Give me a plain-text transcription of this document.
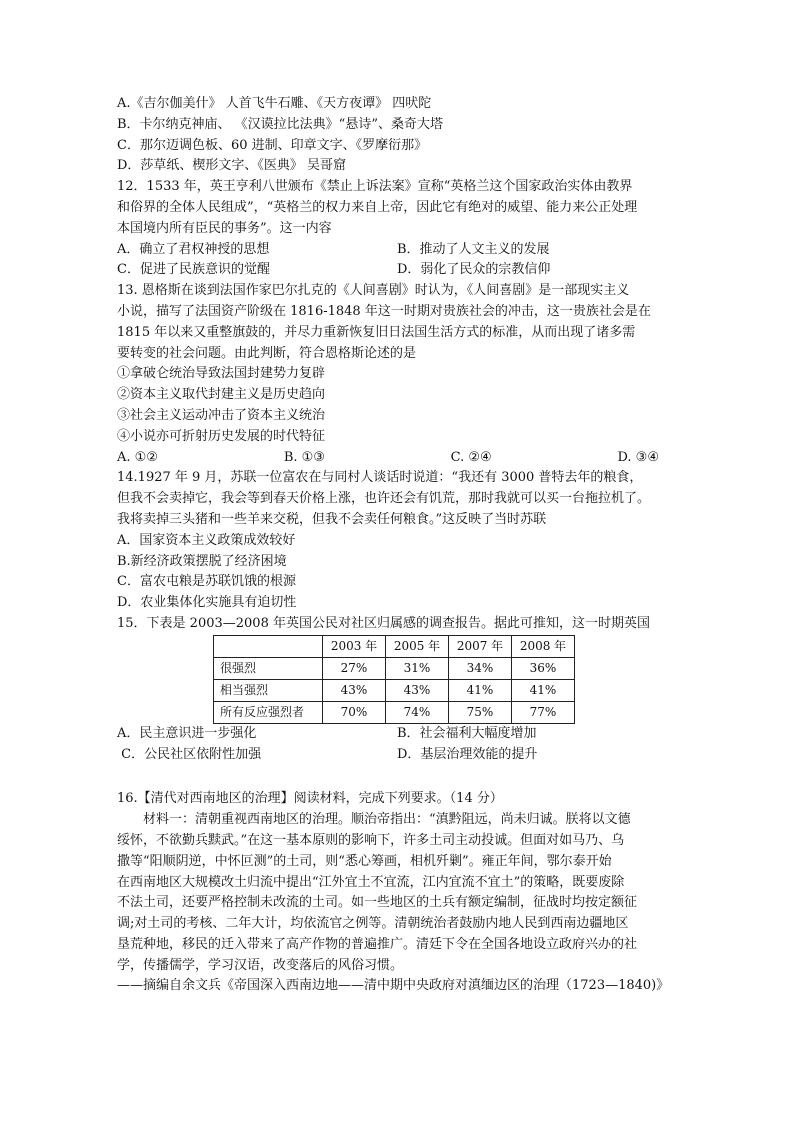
A.《吉尔伽美什》 人首飞牛石雕、《天方夜谭》 四吠陀
B．卡尔纳克神庙、 《汉谟拉比法典》“悬诗”、桑奇大塔
C．那尔迈调色板、60 进制、印章文字、《罗摩衍那》
D．莎草纸、楔形文字、《医典》 吴哥窟
12．1533 年，英王亨利八世颁布《禁止上诉法案》宣称“英格兰这个国家政治实体由教界
和俗界的全体人民组成”，“英格兰的权力来自上帝，因此它有绝对的威望、能力来公正处理
本国境内所有臣民的事务”。这一内容
A．确立了君权神授的思想	B．推动了人文主义的发展
C．促进了民族意识的觉醒	D．弱化了民众的宗教信仰
13. 恩格斯在谈到法国作家巴尔扎克的《人间喜剧》时认为，《人间喜剧》是一部现实主义
小说，描写了法国资产阶级在 1816-1848 年这一时期对贵族社会的冲击，这一贵族社会是在
1815 年以来又重整旗鼓的，并尽力重新恢复旧日法国生活方式的标准，从而出现了诸多需
要转变的社会问题。由此判断，符合恩格斯论述的是
①拿破仑统治导致法国封建势力复辟
②资本主义取代封建主义是历史趋向
③社会主义运动冲击了资本主义统治
④小说亦可折射历史发展的时代特征
A. ①②	B. ①③	C. ②④	D. ③④
14.1927 年 9 月，苏联一位富农在与同村人谈话时说道：“我还有 3000 普特去年的粮食，
但我不会卖掉它，我会等到春天价格上涨，也许还会有饥荒，那时我就可以买一台拖拉机了。
我将卖掉三头猪和一些羊来交税，但我不会卖任何粮食。”这反映了当时苏联
A．国家资本主义政策成效较好
B.新经济政策摆脱了经济困境
C．富农屯粮是苏联饥饿的根源
D．农业集体化实施具有迫切性
15．下表是 2003—2008 年英国公民对社区归属感的调查报告。据此可推知，这一时期英国
	2003 年	2005 年	2007 年	2008 年
很强烈	27%	31%	34%	36%
相当强烈	43%	43%	41%	41%
所有反应强烈者	70%	74%	75%	77%
A．民主意识进一步强化	B．社会福利大幅度增加
C．公民社区依附性加强	D．基层治理效能的提升
16.【清代对西南地区的治理】阅读材料，完成下列要求。（14 分）
材料一：清朝重视西南地区的治理。顺治帝指出：“滇黔阻远，尚未归诚。朕将以文德
绥怀，不欲勤兵黩武。”在这一基本原则的影响下，许多土司主动投诚。但面对如马乃、乌
撒等“阳顺阴逆，中怀叵测”的土司，则“悉心筹画，相机歼剿”。雍正年间，鄂尔泰开始
在西南地区大规模改土归流中提出“江外宜土不宜流，江内宜流不宜土”的策略，既要废除
不法土司，还要严格控制未改流的土司。如一些地区的土兵有额定编制，征战时均按定额征
调;对土司的考核、二年大计，均依流官之例等。清朝统治者鼓励内地人民到西南边疆地区
垦荒种地，移民的迁入带来了高产作物的普遍推广。清廷下令在全国各地设立政府兴办的社
学，传播儒学，学习汉语，改变落后的风俗习惯。
——摘编自余文兵《帝国深入西南边地——清中期中央政府对滇缅边区的治理（1723—1840)》
